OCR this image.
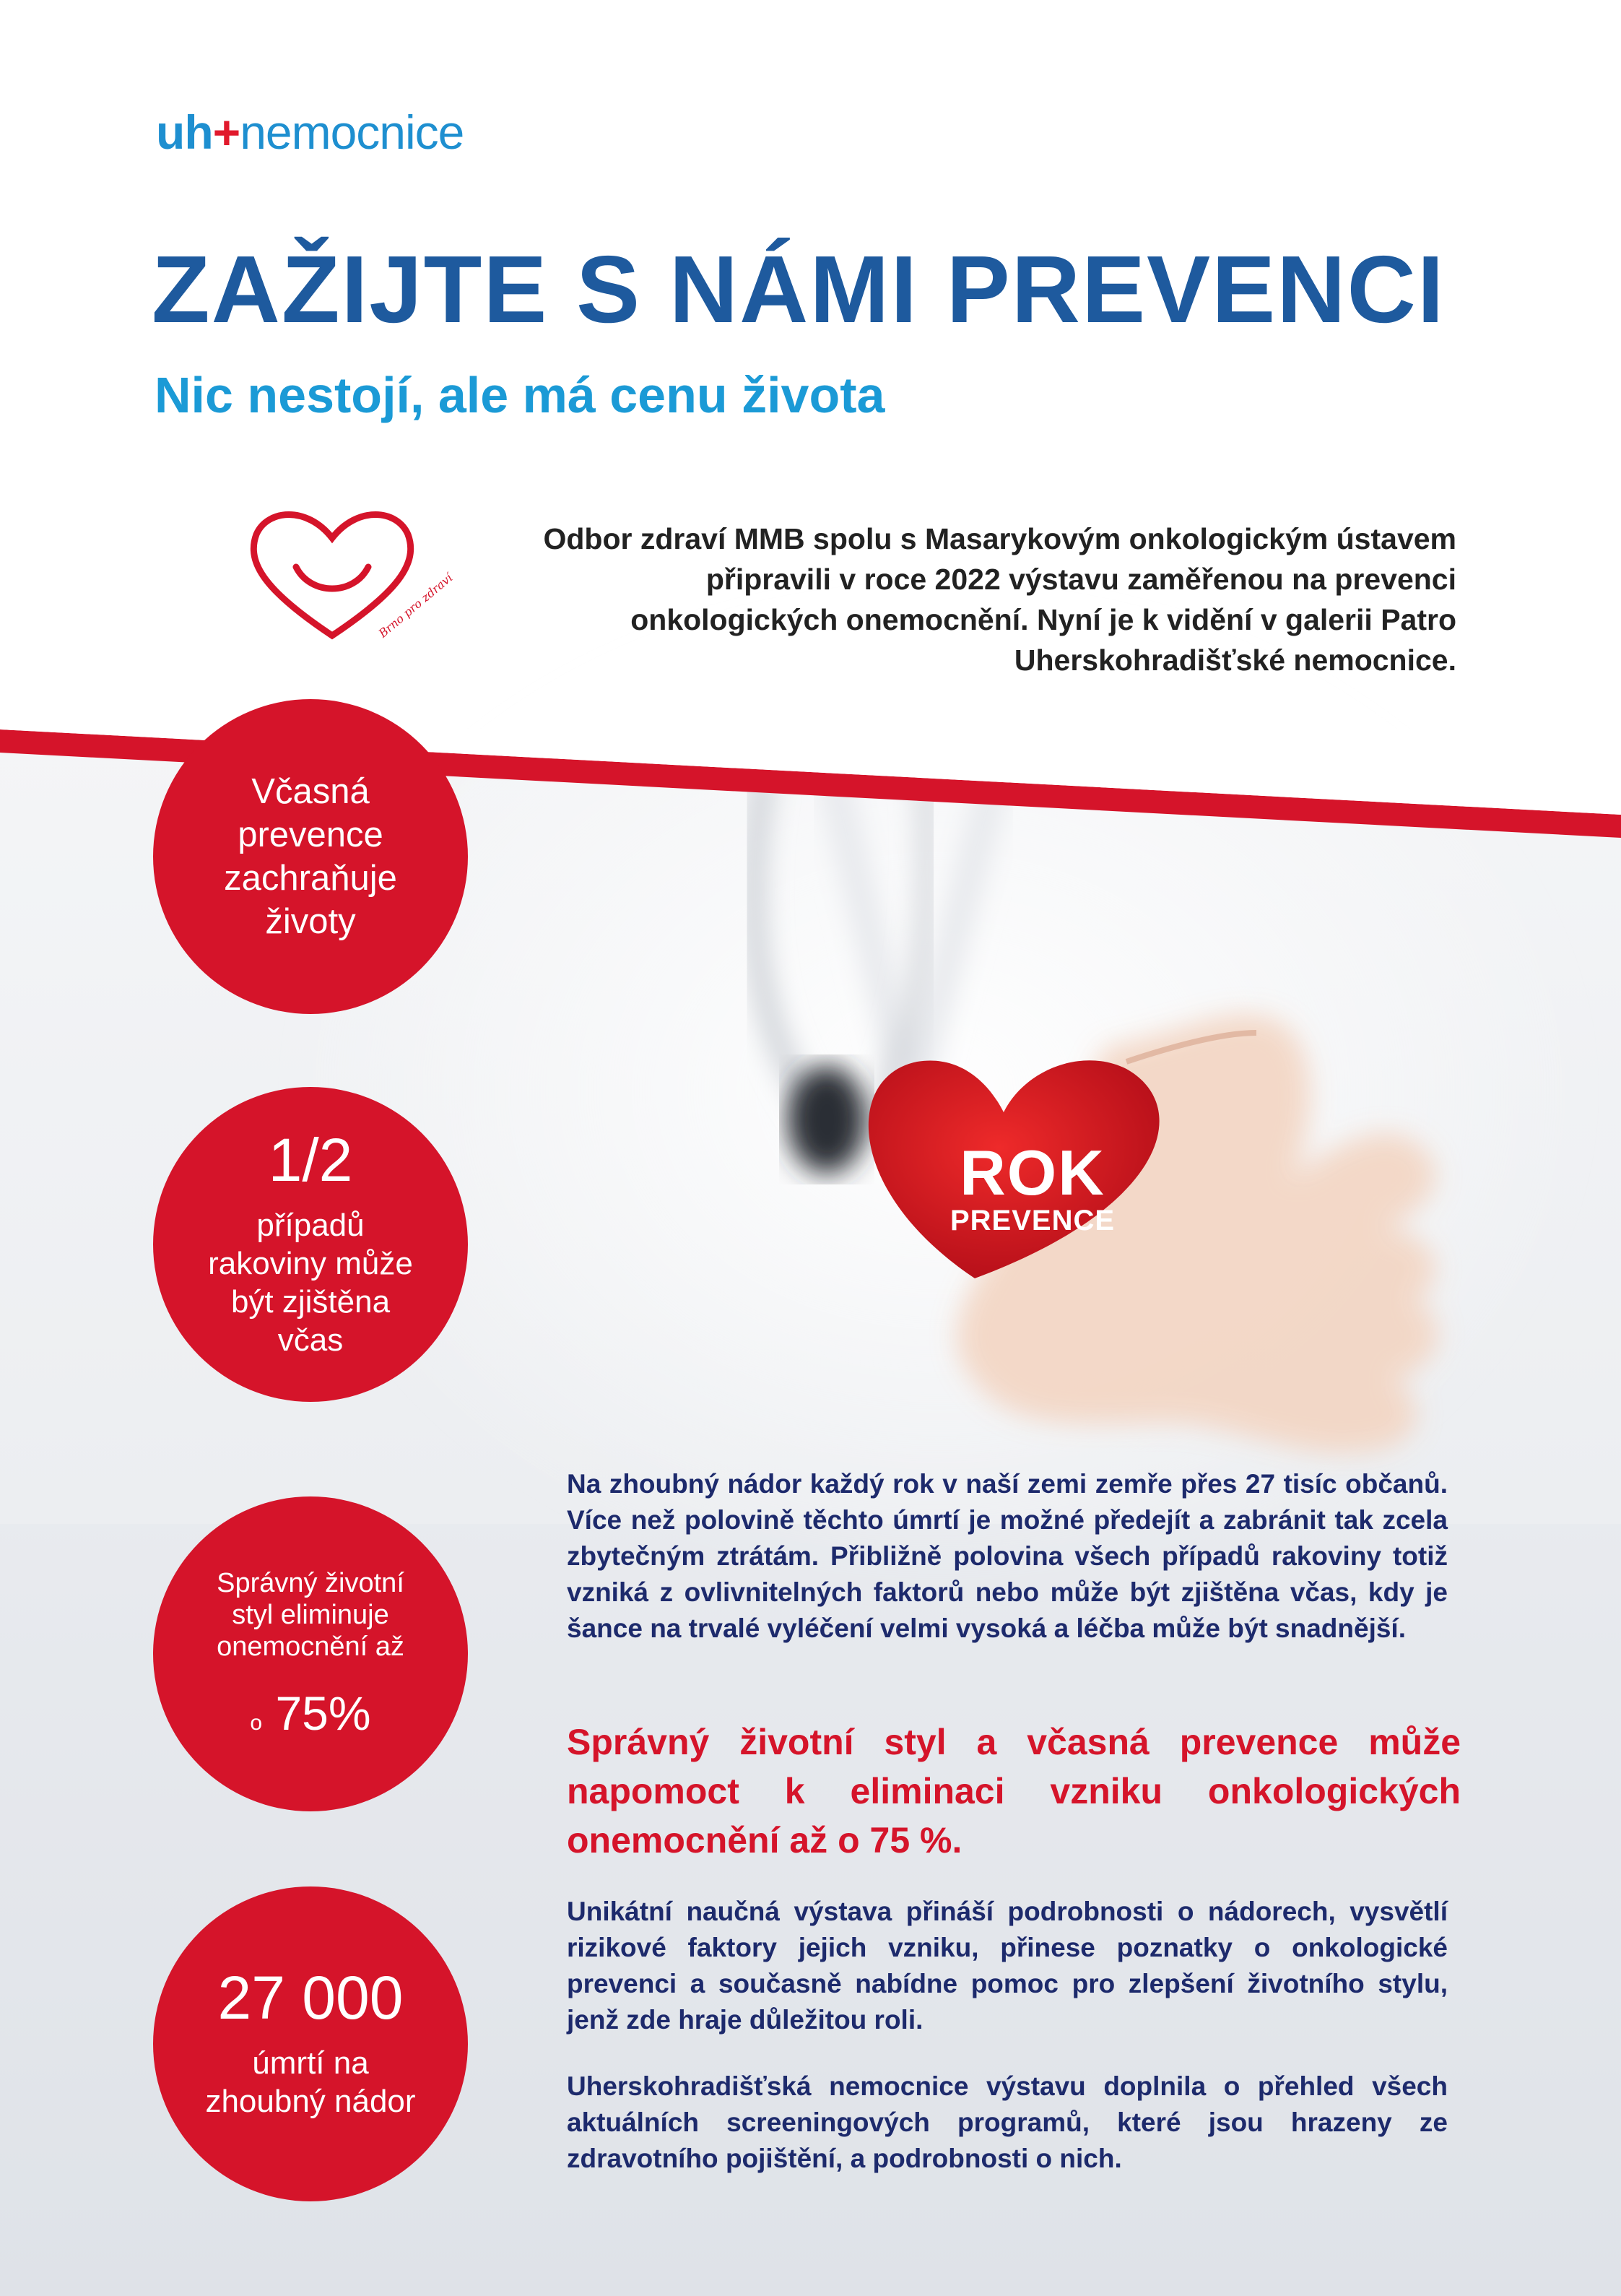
uh+nemocnice
ZAŽIJTE S NÁMI PREVENCI
Nic nestojí, ale má cenu života
Brno pro zdraví
Odbor zdraví MMB spolu s Masarykovým onkologickým ústavem připravili v roce 2022 výstavu zaměřenou na prevenci onkologických onemocnění. Nyní je k vidění v galerii Patro Uherskohradišťské nemocnice.
Včasná prevence zachraňuje životy
1/2
případů rakoviny může být zjištěna včas
Správný životní styl eliminuje onemocnění až
o 75%
27 000
úmrtí na zhoubný nádor
ROK
PREVENCE
Na zhoubný nádor každý rok v naší zemi zemře přes 27 tisíc občanů. Více než polovině těchto úmrtí je možné předejít a zabránit tak zcela zbytečným ztrátám. Přibližně polovina všech případů rakoviny totiž vzniká z ovlivnitelných faktorů nebo může být zjištěna včas, kdy je šance na trvalé vyléčení velmi vysoká a léčba může být snadnější.
Správný životní styl a včasná prevence může napomoct k eliminaci vzniku onkologických onemocnění až o 75 %.
Unikátní naučná výstava přináší podrobnosti o nádorech, vysvětlí rizikové faktory jejich vzniku, přinese poznatky o onkologické prevenci a současně nabídne pomoc pro zlepšení životního stylu, jenž zde hraje důležitou roli.
Uherskohradišťská nemocnice výstavu doplnila o přehled všech aktuálních screeningových programů, které jsou hrazeny ze zdravotního pojištění, a podrobnosti o nich.
